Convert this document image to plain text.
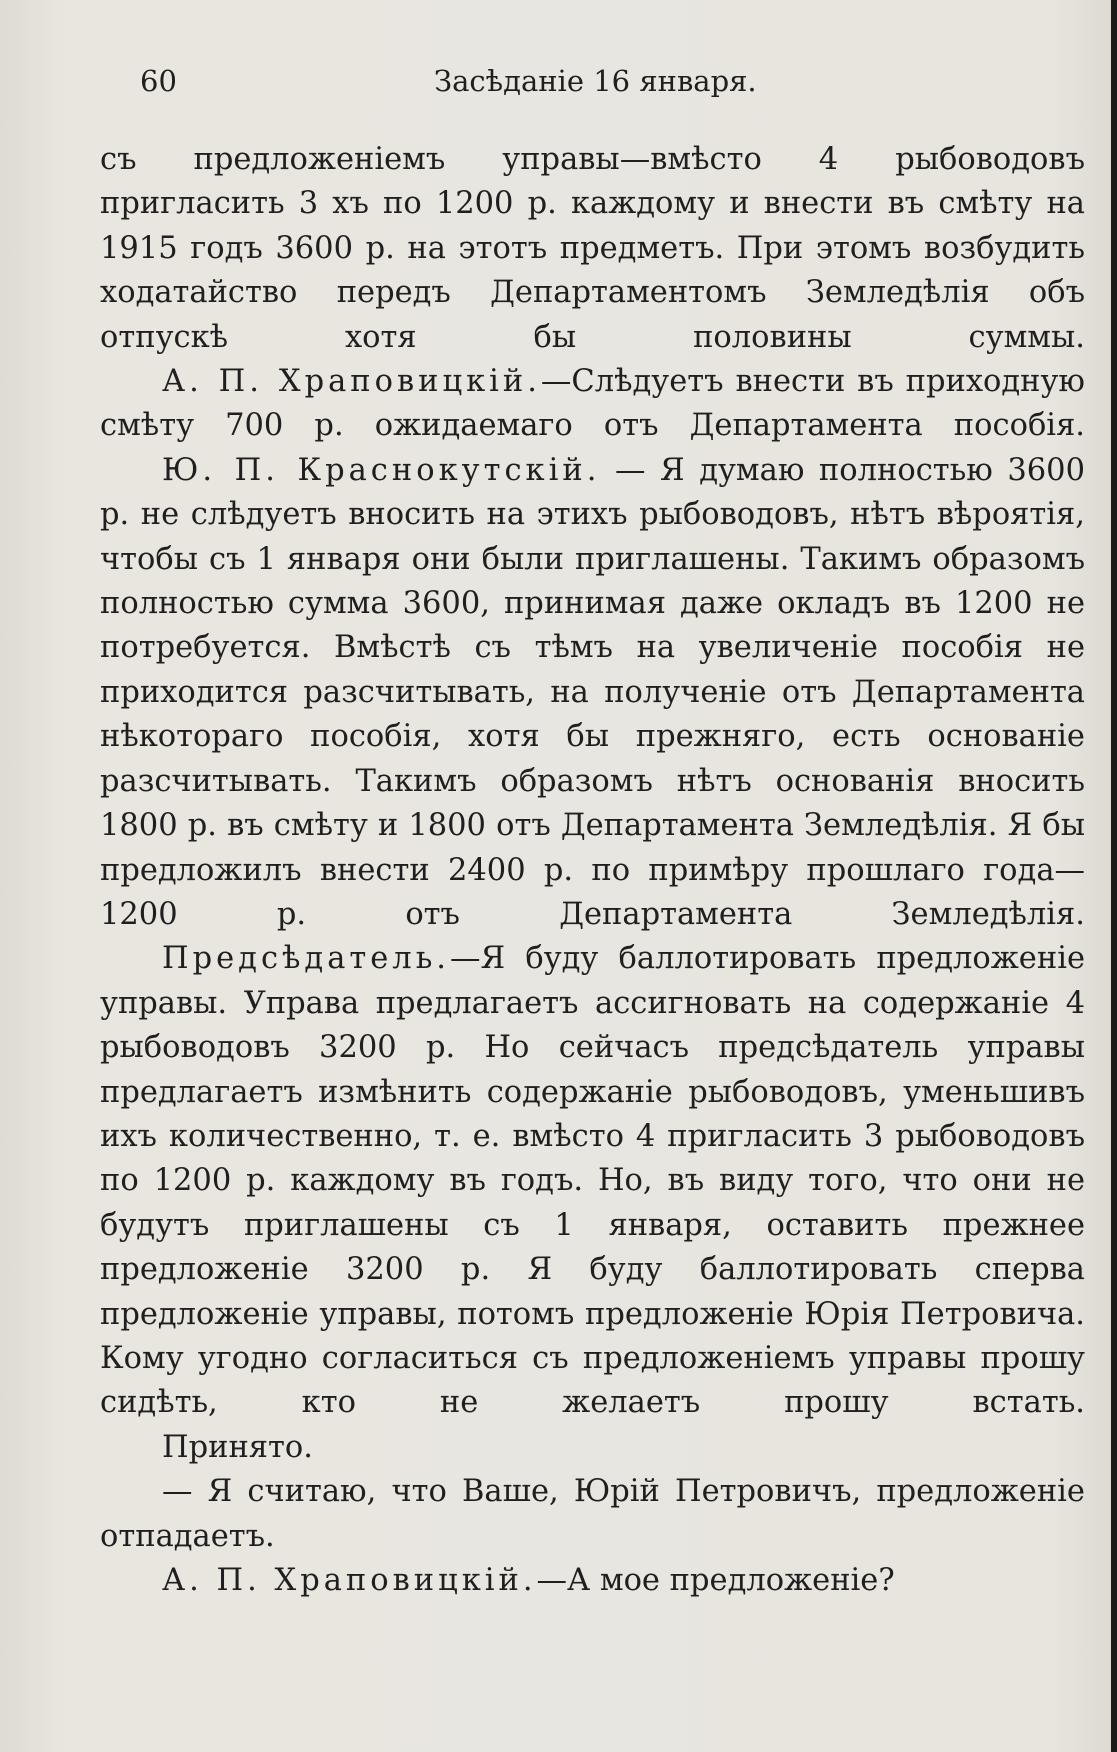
60	Засѣданіе 16 января.

съ предложеніемъ управы—вмѣсто 4 рыбоводовъ пригласить 3 хъ по 1200 р. каждому и внести въ смѣту на 1915 годъ 3600 р. на этотъ предметъ. При этомъ возбудить ходатайство передъ Департаментомъ Земледѣлія объ отпускѣ хотя бы половины суммы.

А. П. Храповицкій.—Слѣдуетъ внести въ приходную смѣту 700 р. ожидаемаго отъ Департамента пособія.

Ю. П. Краснокутскій. — Я думаю полностью 3600 р. не слѣдуетъ вносить на этихъ рыбоводовъ, нѣтъ вѣроятія, чтобы съ 1 января они были приглашены. Такимъ образомъ полностью сумма 3600, принимая даже окладъ въ 1200 не потребуется. Вмѣстѣ съ тѣмъ на увеличеніе пособія не приходится разсчитывать, на полученіе отъ Департамента нѣкотораго пособія, хотя бы прежняго, есть основаніе разсчитывать. Такимъ образомъ нѣтъ основанія вносить 1800 р. въ смѣту и 1800 отъ Департамента Земледѣлія. Я бы предложилъ внести 2400 р. по примѣру прошлаго года—1200 р. отъ Департамента Земледѣлія.

Предсѣдатель.—Я буду баллотировать предложеніе управы. Управа предлагаетъ ассигновать на содержаніе 4 рыбоводовъ 3200 р. Но сейчасъ предсѣдатель управы предлагаетъ измѣнить содержаніе рыбоводовъ, уменьшивъ ихъ количественно, т. е. вмѣсто 4 пригласить 3 рыбоводовъ по 1200 р. каждому въ годъ. Но, въ виду того, что они не будутъ приглашены съ 1 января, оставить прежнее предложеніе 3200 р. Я буду баллотировать сперва предложеніе управы, потомъ предложеніе Юрія Петровича. Кому угодно согласиться съ предложеніемъ управы прошу сидѣть, кто не желаетъ прошу встать.

Принято.

— Я считаю, что Ваше, Юрій Петровичъ, предложеніе отпадаетъ.

А. П. Храповицкій.—А мое предложеніе?
